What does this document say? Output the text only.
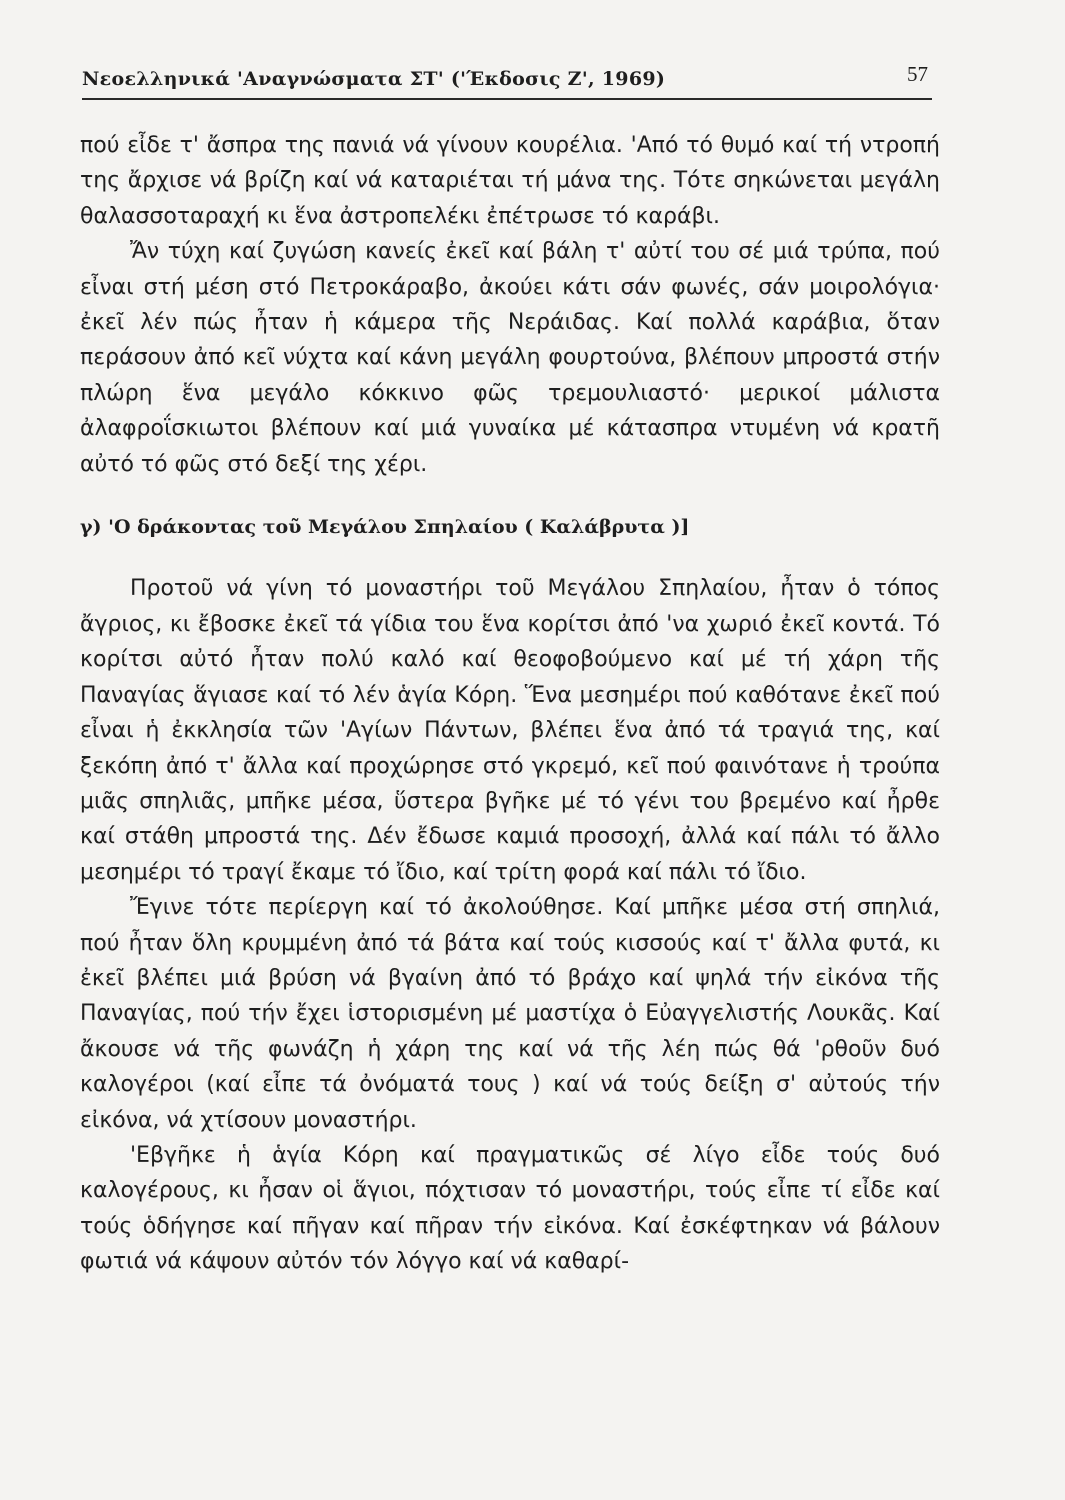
Νεοελληνικά 'Αναγνώσματα ΣΤ' ('Έκδοσις Ζ', 1969)	57

πού εἶδε τ' ἄσπρα της πανιά νά γίνουν κουρέλια. 'Από τό θυμό καί τή ντροπή της ἄρχισε νά βρίζη καί νά καταριέται τή μάνα της. Τότε σηκώνεται μεγάλη θαλασσοταραχή κι ἕνα ἀστροπελέκι ἐπέτρωσε τό καράβι.

Ἄν τύχη καί ζυγώση κανείς ἐκεῖ καί βάλη τ' αὐτί του σέ μιά τρύπα, πού εἶναι στή μέση στό Πετροκάραβο, ἀκούει κάτι σάν φωνές, σάν μοιρολόγια· ἐκεῖ λέν πώς ἦταν ἡ κάμερα τῆς Νεράιδας. Καί πολλά καράβια, ὅταν περάσουν ἀπό κεῖ νύχτα καί κάνη μεγάλη φουρτούνα, βλέπουν μπροστά στήν πλώρη ἕνα μεγάλο κόκκινο φῶς τρεμουλιαστό· μερικοί μάλιστα ἀλαφροΐσκιωτοι βλέπουν καί μιά γυναίκα μέ κάτασπρα ντυμένη νά κρατῆ αὐτό τό φῶς στό δεξί της χέρι.

γ) 'Ο δράκοντας τοῦ Μεγάλου Σπηλαίου ( Καλάβρυτα )]

Προτοῦ νά γίνη τό μοναστήρι τοῦ Μεγάλου Σπηλαίου, ἦταν ὁ τόπος ἄγριος, κι ἔβοσκε ἐκεῖ τά γίδια του ἕνα κορίτσι ἀπό 'να χωριό ἐκεῖ κοντά. Τό κορίτσι αὐτό ἦταν πολύ καλό καί θεοφοβούμενο καί μέ τή χάρη τῆς Παναγίας ἅγιασε καί τό λέν ἁγία Κόρη. Ἕνα μεσημέρι πού καθότανε ἐκεῖ πού εἶναι ἡ ἐκκλησία τῶν 'Αγίων Πάντων, βλέπει ἕνα ἀπό τά τραγιά της, καί ξεκόπη ἀπό τ' ἄλλα καί προχώρησε στό γκρεμό, κεῖ πού φαινότανε ἡ τρούπα μιᾶς σπηλιᾶς, μπῆκε μέσα, ὕστερα βγῆκε μέ τό γένι του βρεμένο καί ἦρθε καί στάθη μπροστά της. Δέν ἔδωσε καμιά προσοχή, ἀλλά καί πάλι τό ἄλλο μεσημέρι τό τραγί ἔκαμε τό ἴδιο, καί τρίτη φορά καί πάλι τό ἴδιο.

Ἔγινε τότε περίεργη καί τό ἀκολούθησε. Καί μπῆκε μέσα στή σπηλιά, πού ἦταν ὅλη κρυμμένη ἀπό τά βάτα καί τούς κισσούς καί τ' ἄλλα φυτά, κι ἐκεῖ βλέπει μιά βρύση νά βγαίνη ἀπό τό βράχο καί ψηλά τήν εἰκόνα τῆς Παναγίας, πού τήν ἔχει ἱστορισμένη μέ μαστίχα ὁ Εὐαγγελιστής Λουκᾶς. Καί ἄκουσε νά τῆς φωνάζη ἡ χάρη της καί νά τῆς λέη πώς θά 'ρθοῦν δυό καλογέροι (καί εἶπε τά ὀνόματά τους ) καί νά τούς δείξη σ' αὐτούς τήν εἰκόνα, νά χτίσουν μοναστήρι.

'Εβγῆκε ἡ ἁγία Κόρη καί πραγματικῶς σέ λίγο εἶδε τούς δυό καλογέρους, κι ἦσαν οἱ ἅγιοι, πόχτισαν τό μοναστήρι, τούς εἶπε τί εἶδε καί τούς ὁδήγησε καί πῆγαν καί πῆραν τήν εἰκόνα. Καί ἐσκέφτηκαν νά βάλουν φωτιά νά κάψουν αὐτόν τόν λόγγο καί νά καθαρί-
